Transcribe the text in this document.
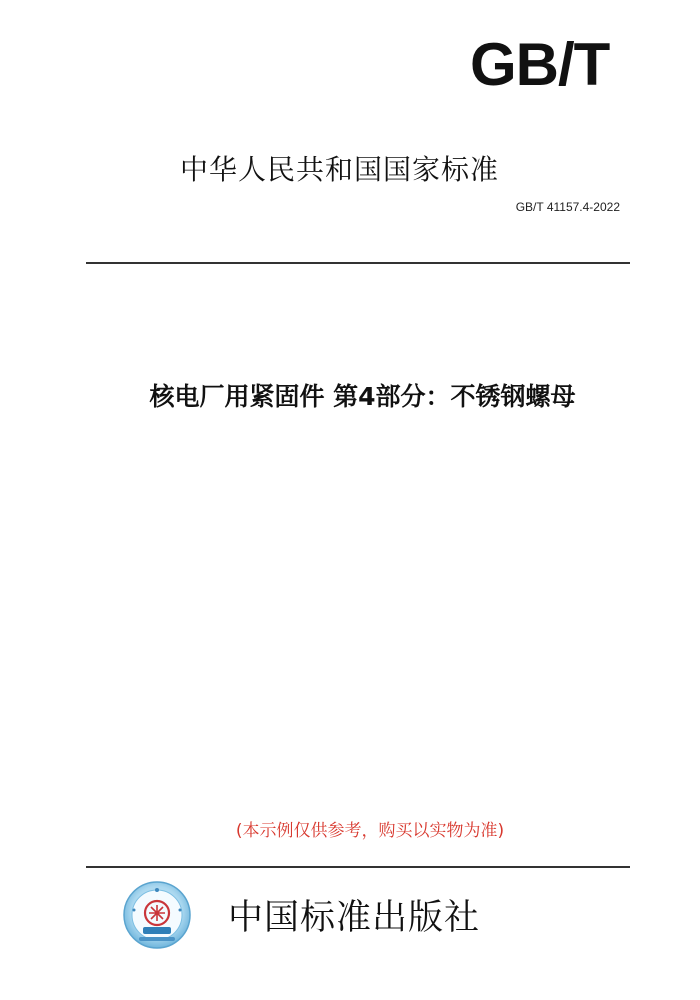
GB/T
中华人民共和国国家标准
GB/T 41157.4-2022
核电厂用紧固件 第4部分：不锈钢螺母
(本示例仅供参考，购买以实物为准)
中国标准出版社
